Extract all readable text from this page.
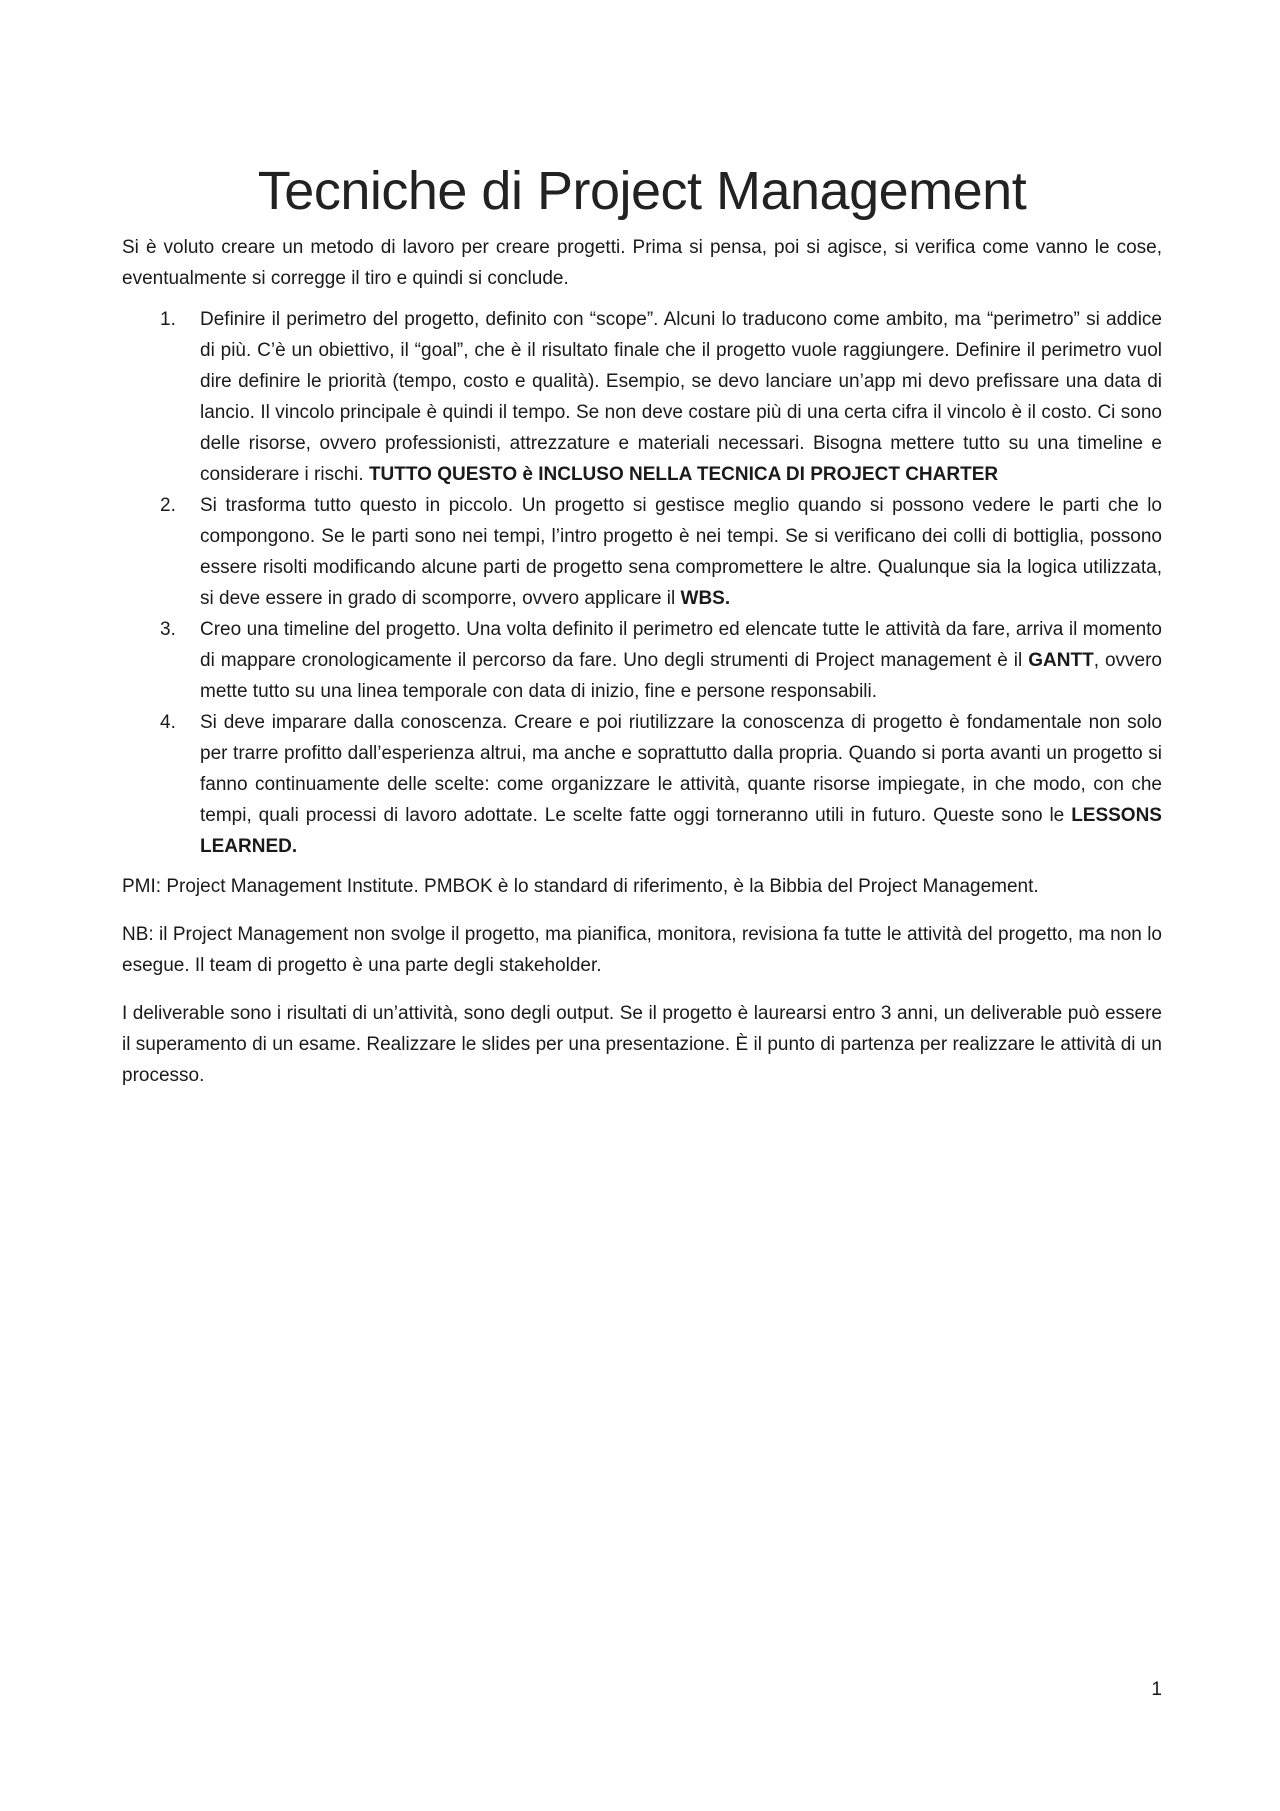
Tecniche di Project Management

Si è voluto creare un metodo di lavoro per creare progetti. Prima si pensa, poi si agisce, si verifica come vanno le cose, eventualmente si corregge il tiro e quindi si conclude.

1. Definire il perimetro del progetto, definito con “scope”. Alcuni lo traducono come ambito, ma “perimetro” si addice di più. C’è un obiettivo, il “goal”, che è il risultato finale che il progetto vuole raggiungere. Definire il perimetro vuol dire definire le priorità (tempo, costo e qualità). Esempio, se devo lanciare un’app mi devo prefissare una data di lancio. Il vincolo principale è quindi il tempo. Se non deve costare più di una certa cifra il vincolo è il costo. Ci sono delle risorse, ovvero professionisti, attrezzature e materiali necessari. Bisogna mettere tutto su una timeline e considerare i rischi. TUTTO QUESTO è INCLUSO NELLA TECNICA DI PROJECT CHARTER
2. Si trasforma tutto questo in piccolo. Un progetto si gestisce meglio quando si possono vedere le parti che lo compongono. Se le parti sono nei tempi, l’intro progetto è nei tempi. Se si verificano dei colli di bottiglia, possono essere risolti modificando alcune parti de progetto sena compromettere le altre. Qualunque sia la logica utilizzata, si deve essere in grado di scomporre, ovvero applicare il WBS.
3. Creo una timeline del progetto. Una volta definito il perimetro ed elencate tutte le attività da fare, arriva il momento di mappare cronologicamente il percorso da fare. Uno degli strumenti di Project management è il GANTT, ovvero mette tutto su una linea temporale con data di inizio, fine e persone responsabili.
4. Si deve imparare dalla conoscenza. Creare e poi riutilizzare la conoscenza di progetto è fondamentale non solo per trarre profitto dall’esperienza altrui, ma anche e soprattutto dalla propria. Quando si porta avanti un progetto si fanno continuamente delle scelte: come organizzare le attività, quante risorse impiegate, in che modo, con che tempi, quali processi di lavoro adottate. Le scelte fatte oggi torneranno utili in futuro. Queste sono le LESSONS LEARNED.

PMI: Project Management Institute. PMBOK è lo standard di riferimento, è la Bibbia del Project Management.

NB: il Project Management non svolge il progetto, ma pianifica, monitora, revisiona fa tutte le attività del progetto, ma non lo esegue. Il team di progetto è una parte degli stakeholder.

I deliverable sono i risultati di un’attività, sono degli output. Se il progetto è laurearsi entro 3 anni, un deliverable può essere il superamento di un esame. Realizzare le slides per una presentazione. È il punto di partenza per realizzare le attività di un processo.

1
